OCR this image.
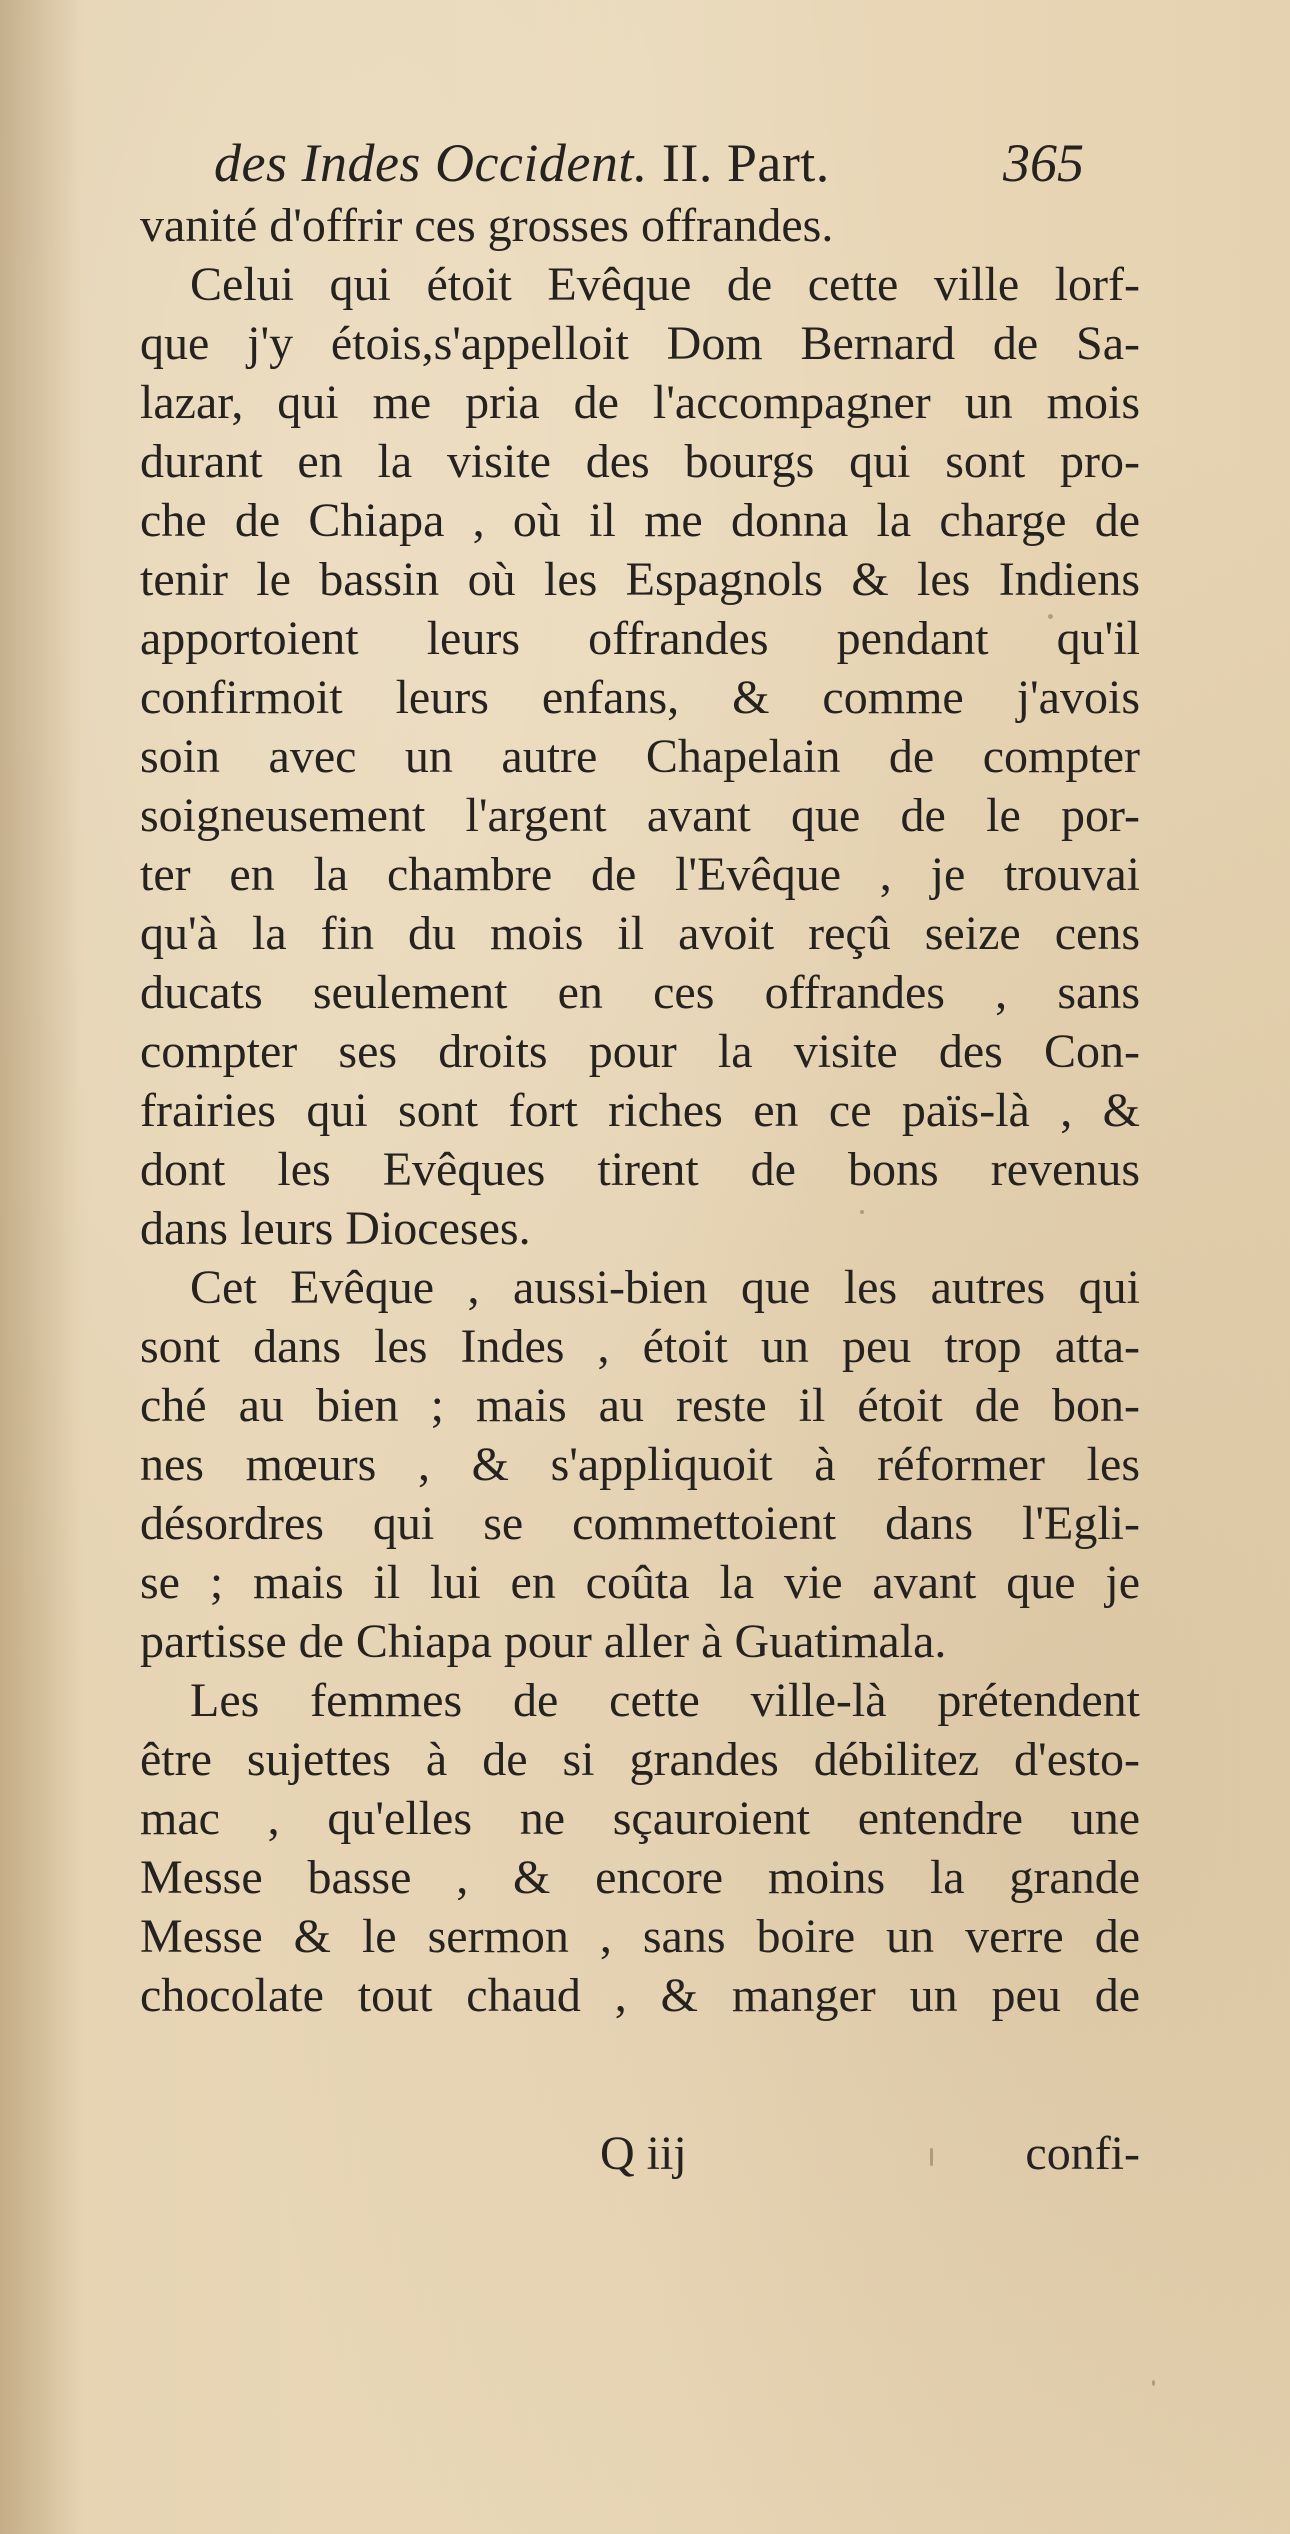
des Indes Occident. II. Part.	365
vanité d'offrir ces grosses offrandes.
Celui qui étoit Evêque de cette ville lorf-
que j'y étois,s'appelloit Dom Bernard de Sa-
lazar, qui me pria de l'accompagner un mois
durant en la visite des bourgs qui sont pro-
che de Chiapa , où il me donna la charge de
tenir le bassin où les Espagnols & les Indiens
apportoient leurs offrandes pendant qu'il
confirmoit leurs enfans, & comme j'avois
soin avec un autre Chapelain de compter
soigneusement l'argent avant que de le por-
ter en la chambre de l'Evêque , je trouvai
qu'à la fin du mois il avoit reçû seize cens
ducats seulement en ces offrandes , sans
compter ses droits pour la visite des Con-
frairies qui sont fort riches en ce païs-là , &
dont les Evêques tirent de bons revenus
dans leurs Dioceses.
Cet Evêque , aussi-bien que les autres qui
sont dans les Indes , étoit un peu trop atta-
ché au bien ; mais au reste il étoit de bon-
nes mœurs , & s'appliquoit à réformer les
désordres qui se commettoient dans l'Egli-
se ; mais il lui en coûta la vie avant que je
partisse de Chiapa pour aller à Guatimala.
Les femmes de cette ville-là prétendent
être sujettes à de si grandes débilitez d'esto-
mac , qu'elles ne sçauroient entendre une
Messe basse , & encore moins la grande
Messe & le sermon , sans boire un verre de
chocolate tout chaud , & manger un peu de
Q iij	confi-
